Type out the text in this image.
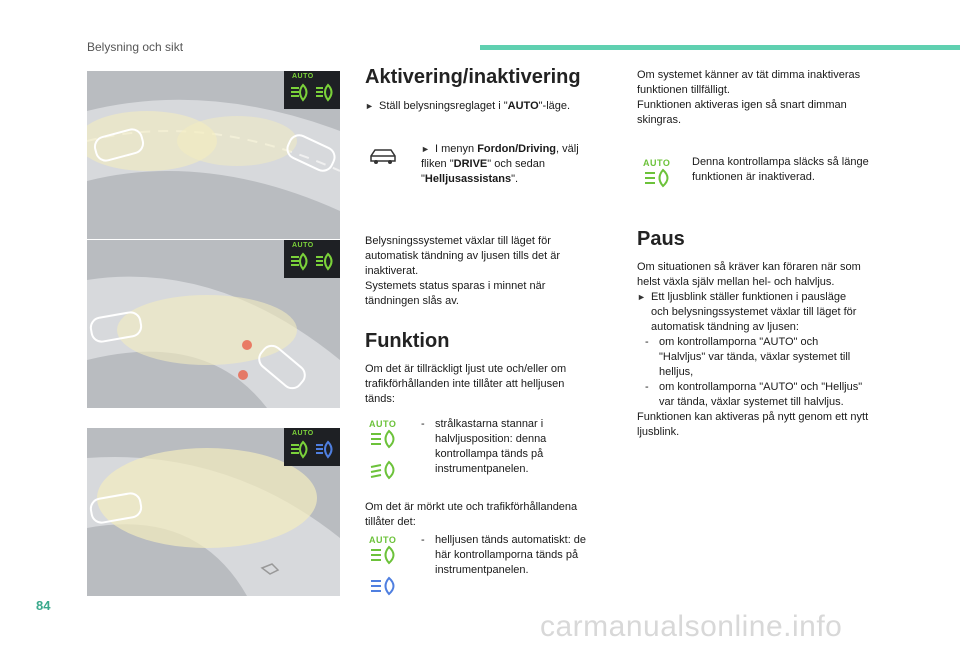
Belysning och sikt
AUTO
AUTO
AUTO
Aktivering/inaktivering
► Ställ belysningsreglaget i "AUTO"-läge.
► I menyn Fordon/Driving, välj fliken "DRIVE" och sedan "Helljusassistans".
Belysningssystemet växlar till läget för
automatisk tändning av ljusen tills det är
inaktiverat.
Systemets status sparas i minnet när
tändningen slås av.
Funktion
Om det är tillräckligt ljust ute och/eller om
trafikförhållanden inte tillåter att helljusen
tänds:
AUTO	- strålkastarna stannar i
halvljusposition: denna
kontrollampa tänds på
instrumentpanelen.
Om det är mörkt ute och trafikförhållandena
tillåter det:
AUTO	- helljusen tänds automatiskt: de
här kontrollamporna tänds på
instrumentpanelen.
Om systemet känner av tät dimma inaktiveras
funktionen tillfälligt.
Funktionen aktiveras igen så snart dimman
skingras.
AUTO	Denna kontrollampa släcks så länge
funktionen är inaktiverad.
Paus
Om situationen så kräver kan föraren när som
helst växla själv mellan hel- och halvljus.
► Ett ljusblink ställer funktionen i pausläge
och belysningssystemet växlar till läget för
automatisk tändning av ljusen:
- om kontrollamporna "AUTO" och
"Halvljus" var tända, växlar systemet till
helljus,
- om kontrollamporna "AUTO" och "Helljus"
var tända, växlar systemet till halvljus.
Funktionen kan aktiveras på nytt genom ett nytt
ljusblink.
84
carmanualsonline.info
